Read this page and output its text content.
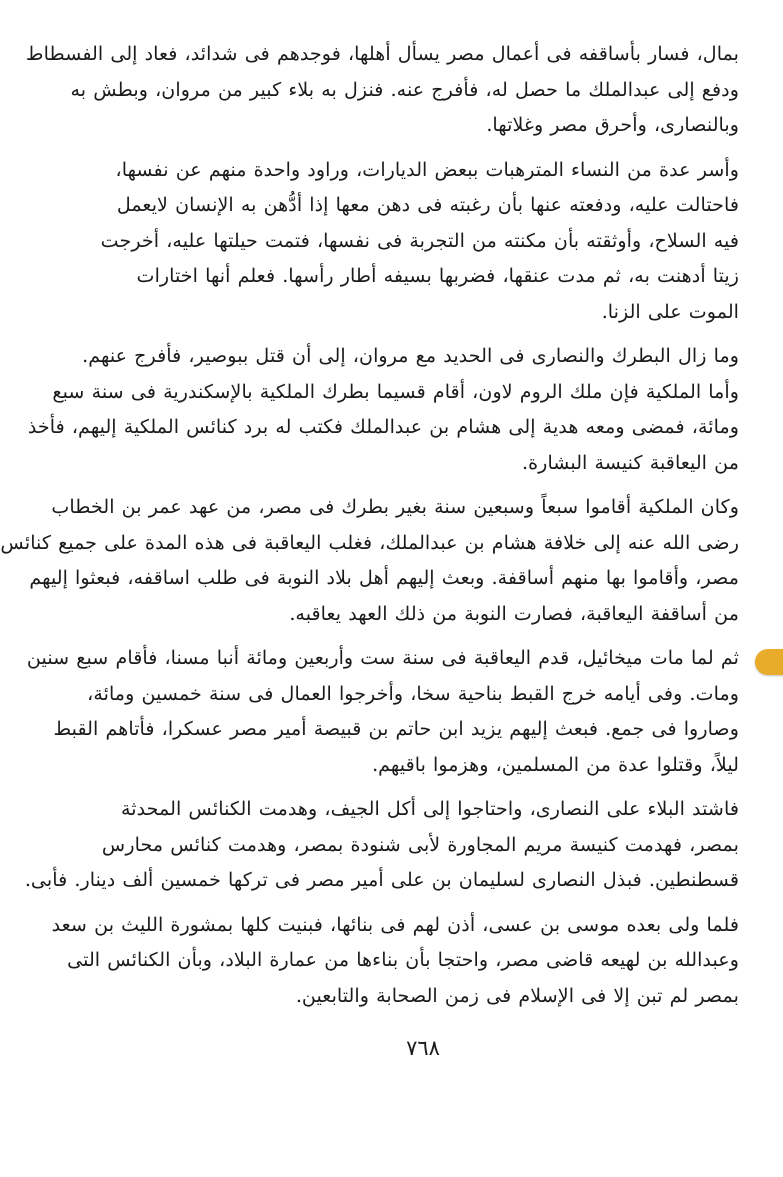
بمال، فسار بأساقفه فى أعمال مصر يسأل أهلها، فوجدهم فى شدائد، فعاد إلى الفسطاط
ودفع إلى عبدالملك ما حصل له، فأفرج عنه. فنزل به بلاء كبير من مروان، وبطش به
وبالنصارى، وأحرق مصر وغلاتها.
وأسر عدة من النساء المترهبات ببعض الديارات، وراود واحدة منهم عن نفسها،
فاحتالت عليه، ودفعته عنها بأن رغبته فى دهن معها إذا أدُّهن به الإنسان لايعمل
فيه السلاح، وأوثقته بأن مكنته من التجربة فى نفسها، فتمت حيلتها عليه، أخرجت
زيتا أدهنت به، ثم مدت عنقها، فضربها بسيفه أطار رأسها. فعلم أنها اختارات
الموت على الزنا.
وما زال البطرك والنصارى فى الحديد مع مروان، إلى أن قتل ببوصير، فأفرج عنهم.
وأما الملكية فإن ملك الروم لاون، أقام قسيما بطرك الملكية بالإسكندرية فى سنة سبع
ومائة، فمضى ومعه هدية إلى هشام بن عبدالملك فكتب له برد كنائس الملكية إليهم، فأخذ
من اليعاقبة كنيسة البشارة.
وكان الملكية أقاموا سبعاً وسبعين سنة بغير بطرك فى مصر، من عهد عمر بن الخطاب
رضى الله عنه إلى خلافة هشام بن عبدالملك، فغلب اليعاقبة فى هذه المدة على جميع كنائس
مصر، وأقاموا بها منهم أساقفة. وبعث إليهم أهل بلاد النوبة فى طلب اساقفه، فبعثوا إليهم
من أساقفة اليعاقبة، فصارت النوبة من ذلك العهد يعاقبه.
ثم لما مات ميخائيل، قدم اليعاقبة فى سنة ست وأربعين ومائة أنبا مسنا، فأقام سبع سنين
ومات. وفى أيامه خرج القبط بناحية سخا، وأخرجوا العمال فى سنة خمسين ومائة،
وصاروا فى جمع. فبعث إليهم يزيد ابن حاتم بن قبيصة أمير مصر عسكرا، فأتاهم القبط
ليلاً، وقتلوا عدة من المسلمين، وهزموا باقيهم.
فاشتد البلاء على النصارى، واحتاجوا إلى أكل الجيف، وهدمت الكنائس المحدثة
بمصر، فهدمت كنيسة مريم المجاورة لأبى شنودة بمصر، وهدمت كنائس محارس
قسطنطين. فبذل النصارى لسليمان بن على أمير مصر فى تركها خمسين ألف دينار. فأبى.
فلما ولى بعده موسى بن عسى، أذن لهم فى بنائها، فبنيت كلها بمشورة الليث بن سعد
وعبدالله بن لهيعه قاضى مصر، واحتجا بأن بناءها من عمارة البلاد، وبأن الكنائس التى
بمصر لم تبن إلا فى الإسلام فى زمن الصحابة والتابعين.
٧٦٨
